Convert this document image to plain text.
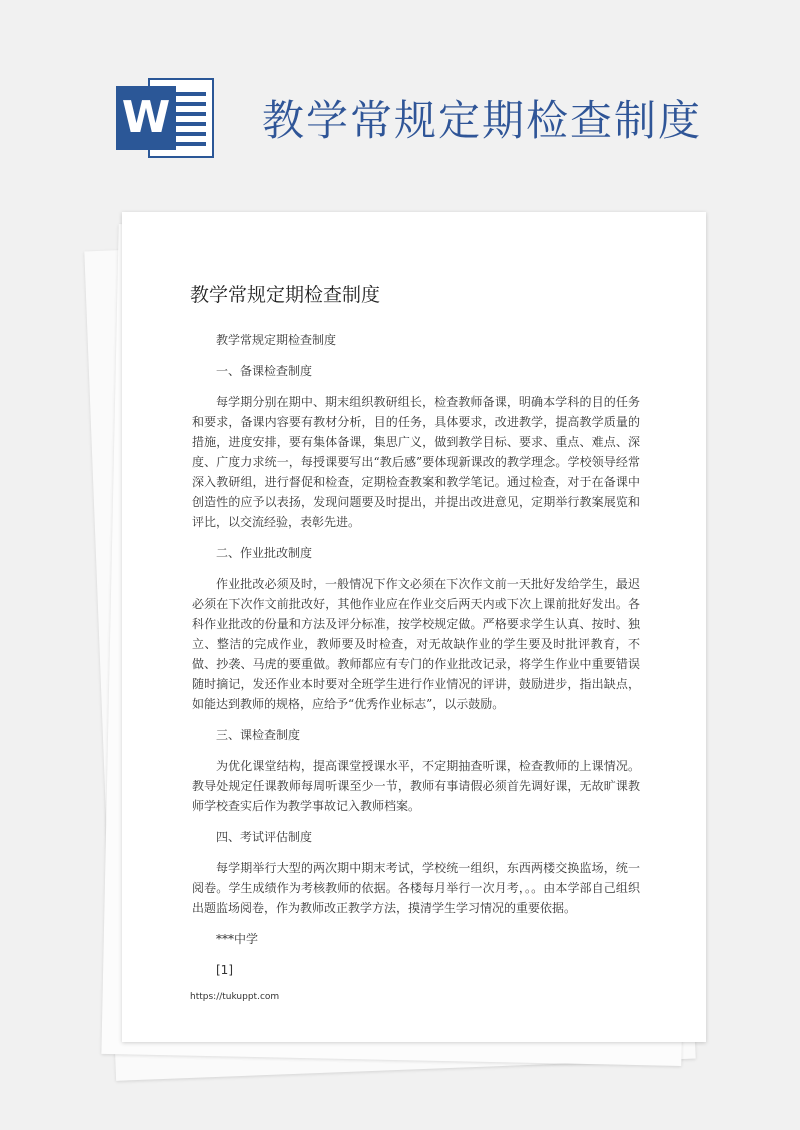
W 教学常规定期检查制度
教学常规定期检查制度

教学常规定期检查制度

一、备课检查制度

每学期分别在期中、期末组织教研组长，检查教师备课，明确本学科的目的任务和要求，备课内容要有教材分析，目的任务，具体要求，改进教学，提高教学质量的措施，进度安排，要有集体备课，集思广义，做到教学目标、要求、重点、难点、深度、广度力求统一，每授课要写出“教后感”要体现新课改的教学理念。学校领导经常深入教研组，进行督促和检查，定期检查教案和教学笔记。通过检查，对于在备课中创造性的应予以表扬，发现问题要及时提出，并提出改进意见，定期举行教案展览和评比，以交流经验，表彰先进。

二、作业批改制度

作业批改必须及时，一般情况下作文必须在下次作文前一天批好发给学生，最迟必须在下次作文前批改好，其他作业应在作业交后两天内或下次上课前批好发出。各科作业批改的份量和方法及评分标准，按学校规定做。严格要求学生认真、按时、独立、整洁的完成作业，教师要及时检查，对无故缺作业的学生要及时批评教育，不做、抄袭、马虎的要重做。教师都应有专门的作业批改记录，将学生作业中重要错误随时摘记，发还作业本时要对全班学生进行作业情况的评讲，鼓励进步，指出缺点，如能达到教师的规格，应给予“优秀作业标志”，以示鼓励。

三、课检查制度

为优化课堂结构，提高课堂授课水平，不定期抽查听课，检查教师的上课情况。教导处规定任课教师每周听课至少一节，教师有事请假必须首先调好课，无故旷课教师学校查实后作为教学事故记入教师档案。

四、考试评估制度

每学期举行大型的两次期中期末考试，学校统一组织，东西两楼交换监场，统一阅卷。学生成绩作为考核教师的依据。各楼每月举行一次月考，。。由本学部自己组织出题监场阅卷，作为教师改正教学方法，摸清学生学习情况的重要依据。

***中学

[1]

https://tukuppt.com
